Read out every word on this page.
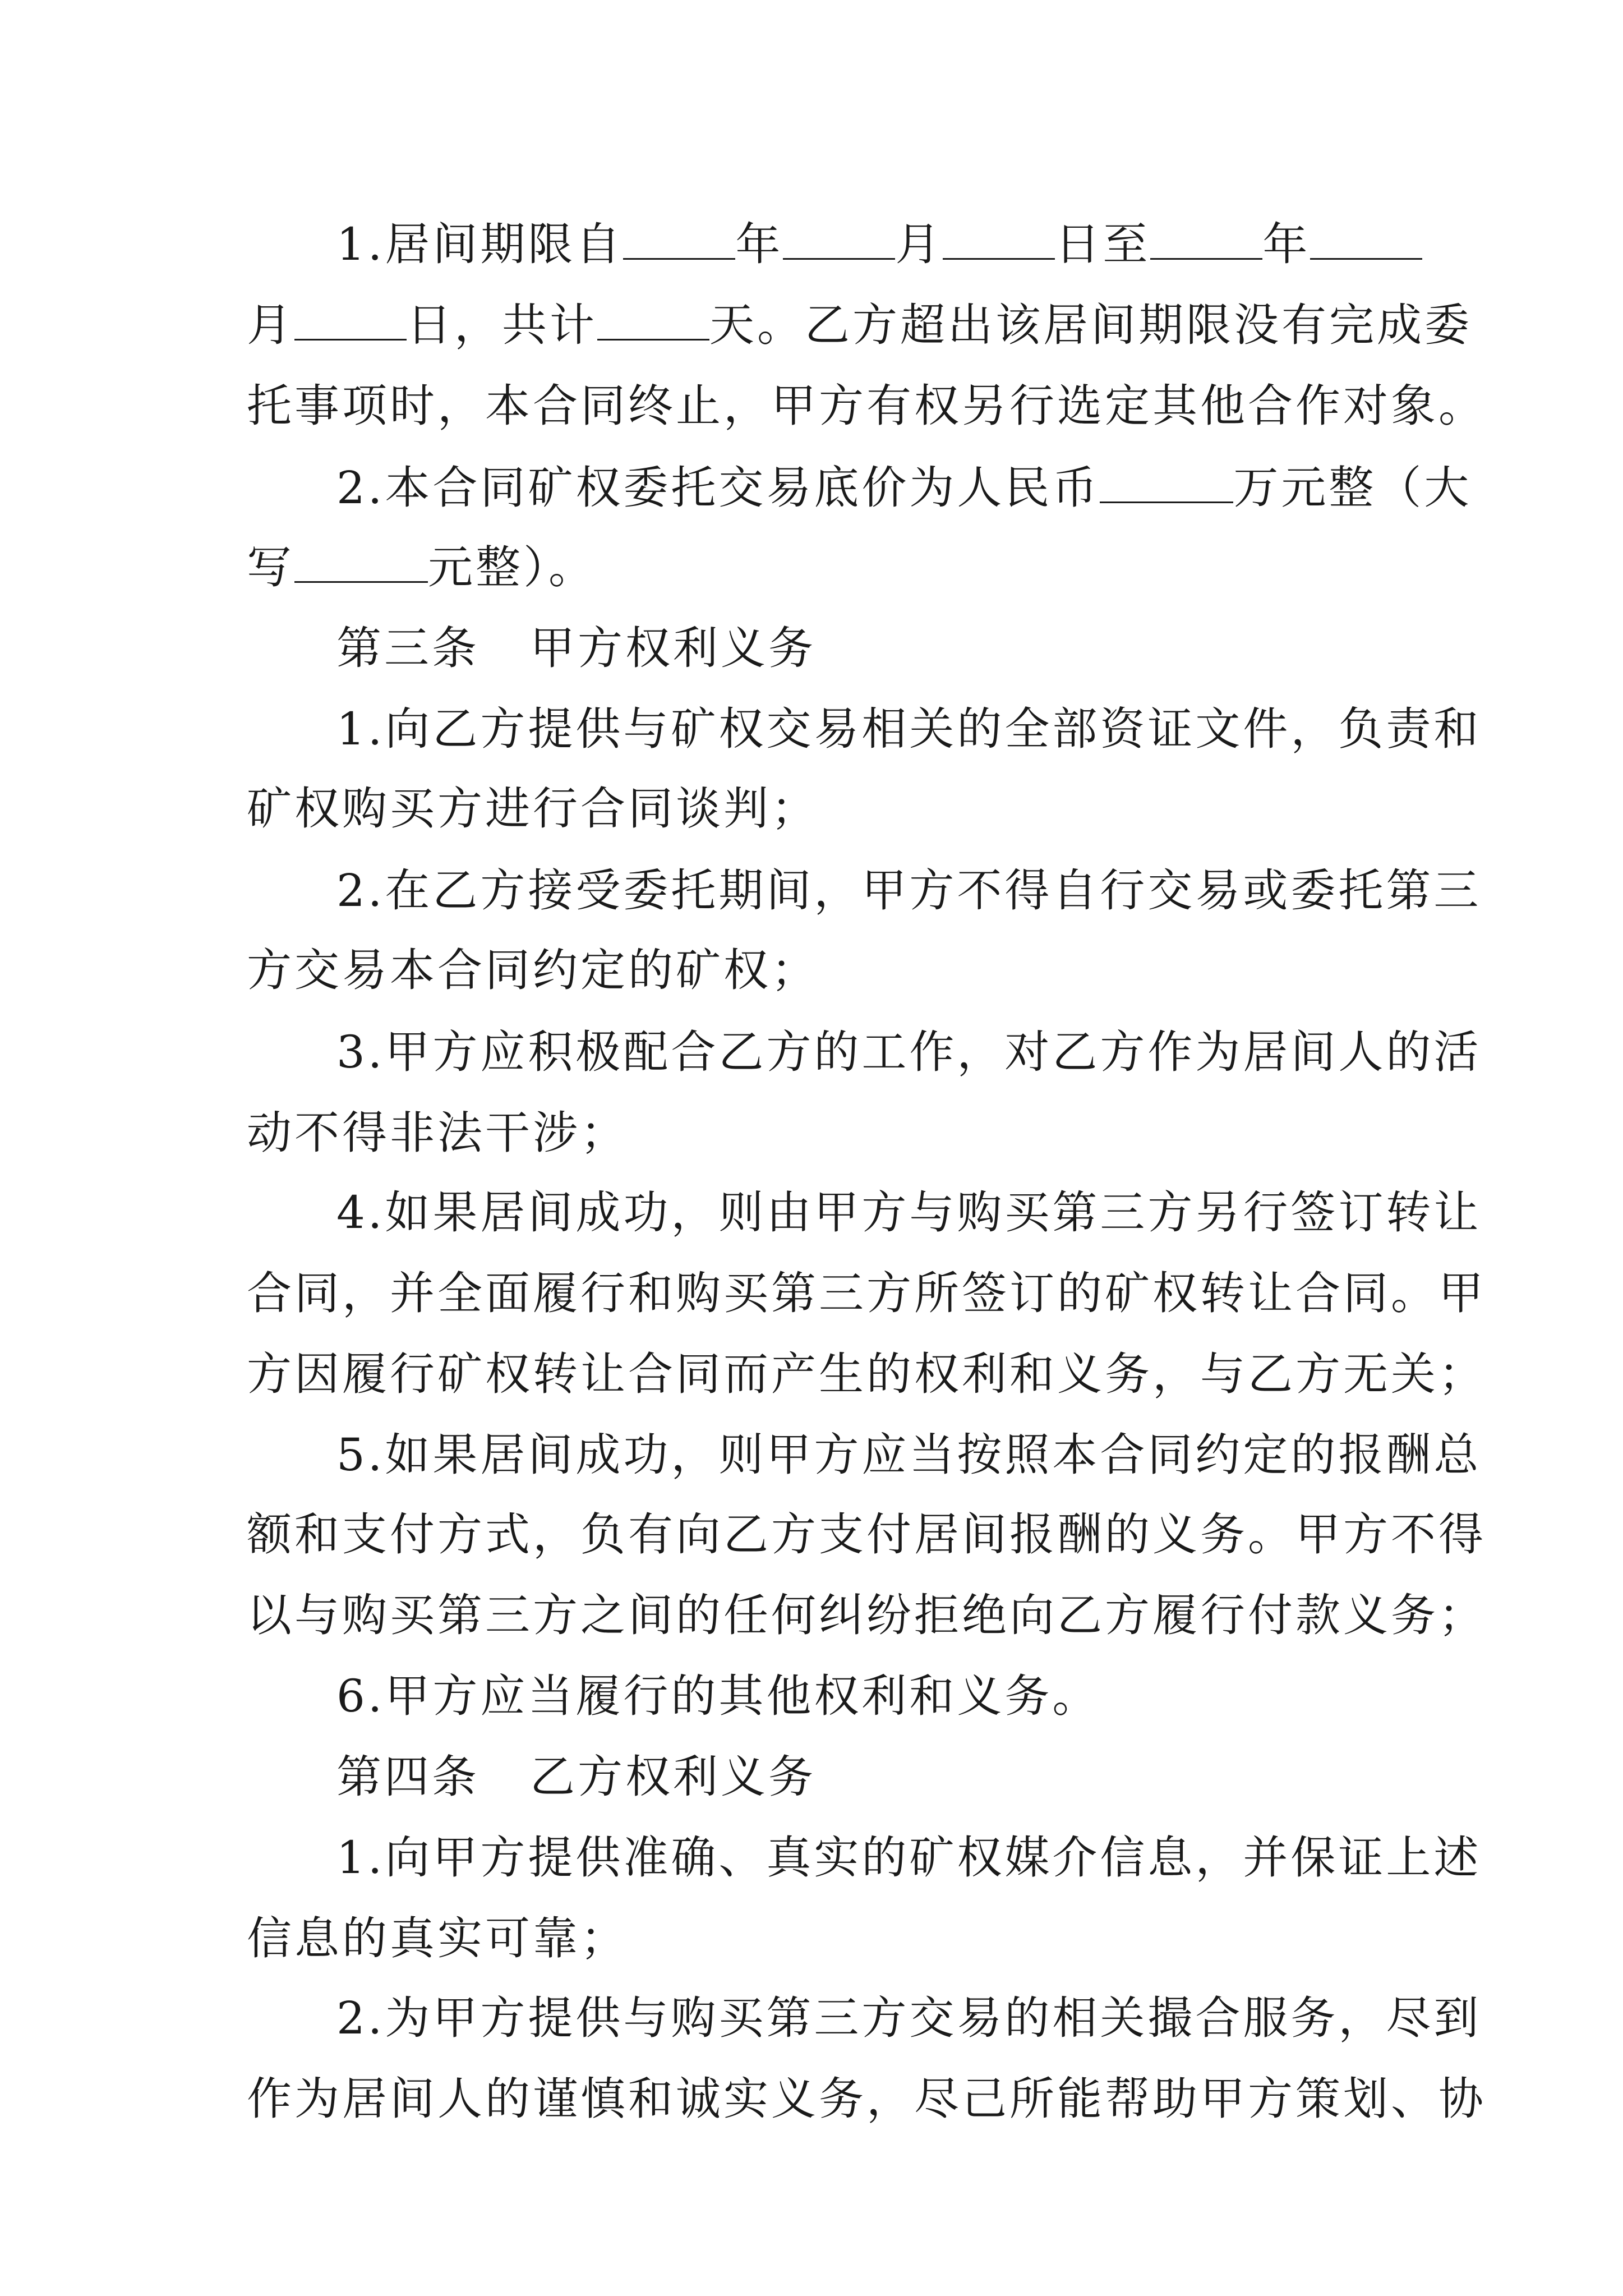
1.居间期限自	年	月	日至	年
月	日，共计	天。乙方超出该居间期限没有完成委
托事项时，本合同终止，甲方有权另行选定其他合作对象。
2.本合同矿权委托交易底价为人民币	万元整（大
写	元整）。
第三条 甲方权利义务
1.向乙方提供与矿权交易相关的全部资证文件，负责和
矿权购买方进行合同谈判；
2.在乙方接受委托期间，甲方不得自行交易或委托第三
方交易本合同约定的矿权；
3.甲方应积极配合乙方的工作，对乙方作为居间人的活
动不得非法干涉；
4.如果居间成功，则由甲方与购买第三方另行签订转让
合同，并全面履行和购买第三方所签订的矿权转让合同。甲
方因履行矿权转让合同而产生的权利和义务，与乙方无关；
5.如果居间成功，则甲方应当按照本合同约定的报酬总
额和支付方式，负有向乙方支付居间报酬的义务。甲方不得
以与购买第三方之间的任何纠纷拒绝向乙方履行付款义务；
6.甲方应当履行的其他权利和义务。
第四条 乙方权利义务
1.向甲方提供准确、真实的矿权媒介信息，并保证上述
信息的真实可靠；
2.为甲方提供与购买第三方交易的相关撮合服务，尽到
作为居间人的谨慎和诚实义务，尽己所能帮助甲方策划、协
